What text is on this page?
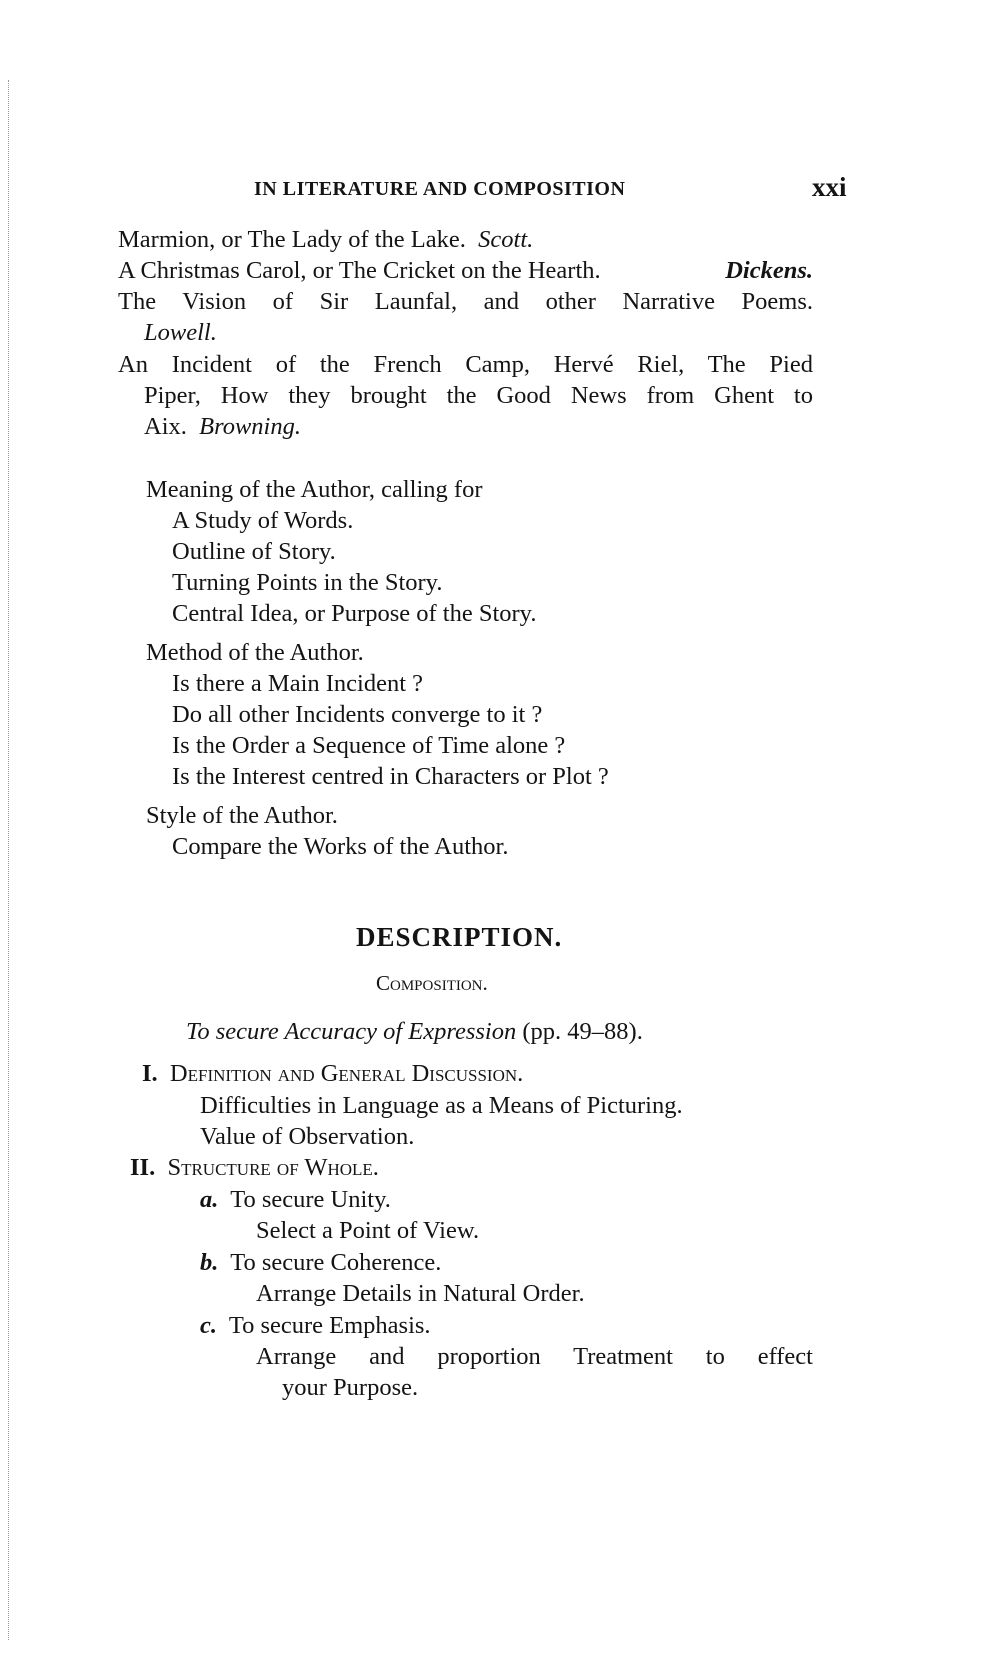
IN LITERATURE AND COMPOSITION	xxi
Marmion, or The Lady of the Lake. Scott.
A Christmas Carol, or The Cricket on the Hearth.	Dickens.
The Vision of Sir Launfal, and other Narrative Poems.
Lowell.
An Incident of the French Camp, Hervé Riel, The Pied
Piper, How they brought the Good News from Ghent to
Aix. Browning.
Meaning of the Author, calling for
A Study of Words.
Outline of Story.
Turning Points in the Story.
Central Idea, or Purpose of the Story.
Method of the Author.
Is there a Main Incident ?
Do all other Incidents converge to it ?
Is the Order a Sequence of Time alone ?
Is the Interest centred in Characters or Plot ?
Style of the Author.
Compare the Works of the Author.
DESCRIPTION.
Composition.
To secure Accuracy of Expression (pp. 49–88).
I. Definition and General Discussion.
Difficulties in Language as a Means of Picturing.
Value of Observation.
II. Structure of Whole.
a. To secure Unity.
Select a Point of View.
b. To secure Coherence.
Arrange Details in Natural Order.
c. To secure Emphasis.
Arrange and proportion Treatment to effect
your Purpose.
